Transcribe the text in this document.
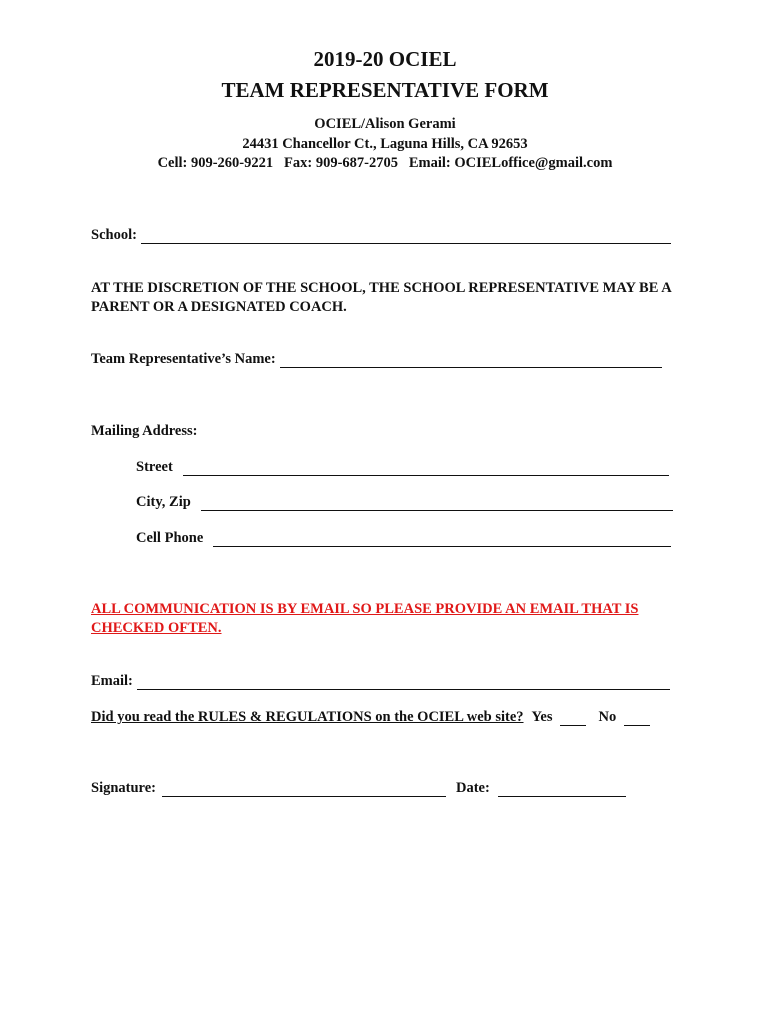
2019-20 OCIEL
TEAM REPRESENTATIVE FORM
OCIEL/Alison Gerami
24431 Chancellor Ct., Laguna Hills, CA 92653
Cell: 909-260-9221   Fax: 909-687-2705   Email: OCIELoffice@gmail.com
School:
AT THE DISCRETION OF THE SCHOOL, THE SCHOOL REPRESENTATIVE MAY BE A PARENT OR A DESIGNATED COACH.
Team Representative’s Name:
Mailing Address:
Street
City, Zip
Cell Phone
ALL COMMUNICATION IS BY EMAIL SO PLEASE PROVIDE AN EMAIL THAT IS CHECKED OFTEN.
Email:
Did you read the RULES & REGULATIONS on the OCIEL web site? Yes	No
Signature:	Date:
